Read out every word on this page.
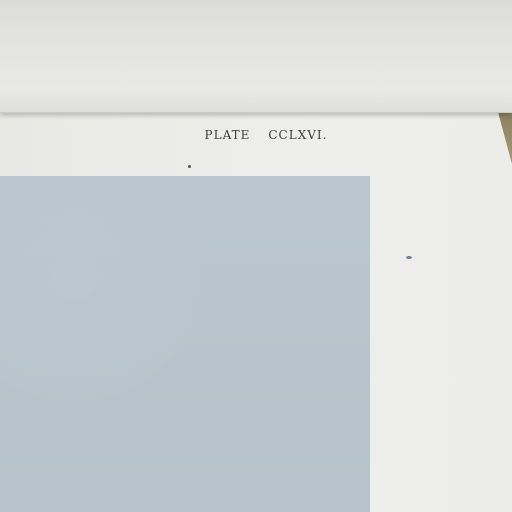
PLATE CCLXVI.
